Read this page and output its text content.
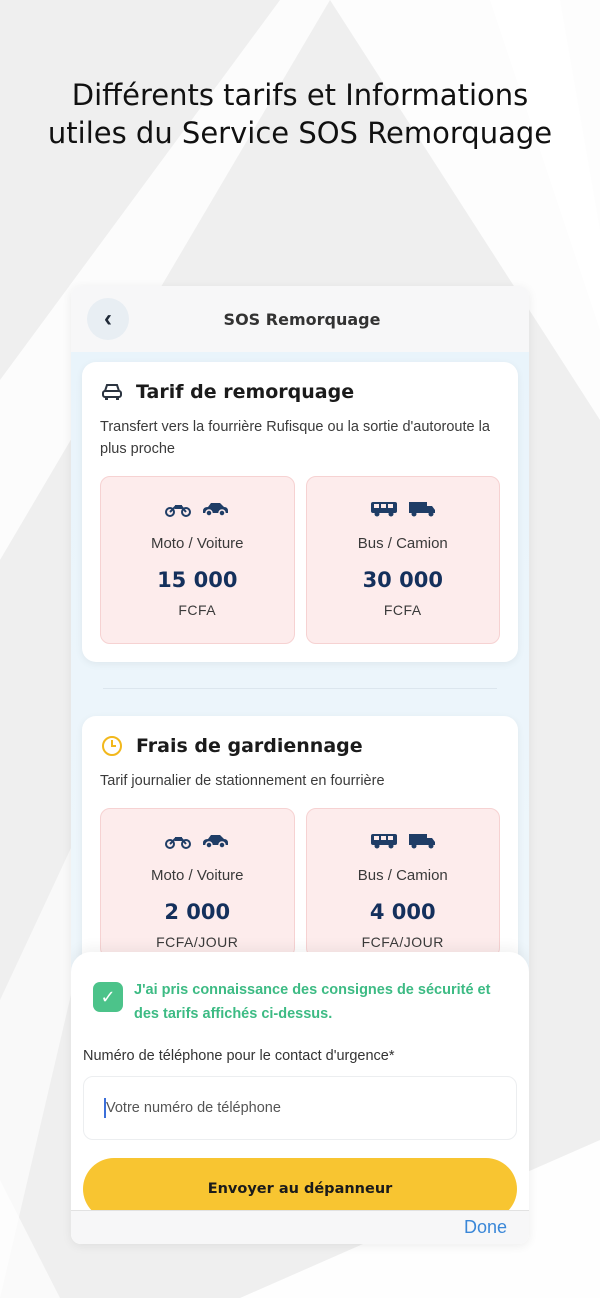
Différents tarifs et Informations utiles du Service SOS Remorquage
‹	SOS Remorquage
Tarif de remorquage
Transfert vers la fourrière Rufisque ou la sortie d'autoroute la plus proche
Moto / Voiture
15 000
FCFA
Bus / Camion
30 000
FCFA
Frais de gardiennage
Tarif journalier de stationnement en fourrière
Moto / Voiture
2 000
FCFA/JOUR
Bus / Camion
4 000
FCFA/JOUR
✓ J'ai pris connaissance des consignes de sécurité et des tarifs affichés ci-dessus.
Numéro de téléphone pour le contact d'urgence*
Votre numéro de téléphone
Envoyer au dépanneur
Done
